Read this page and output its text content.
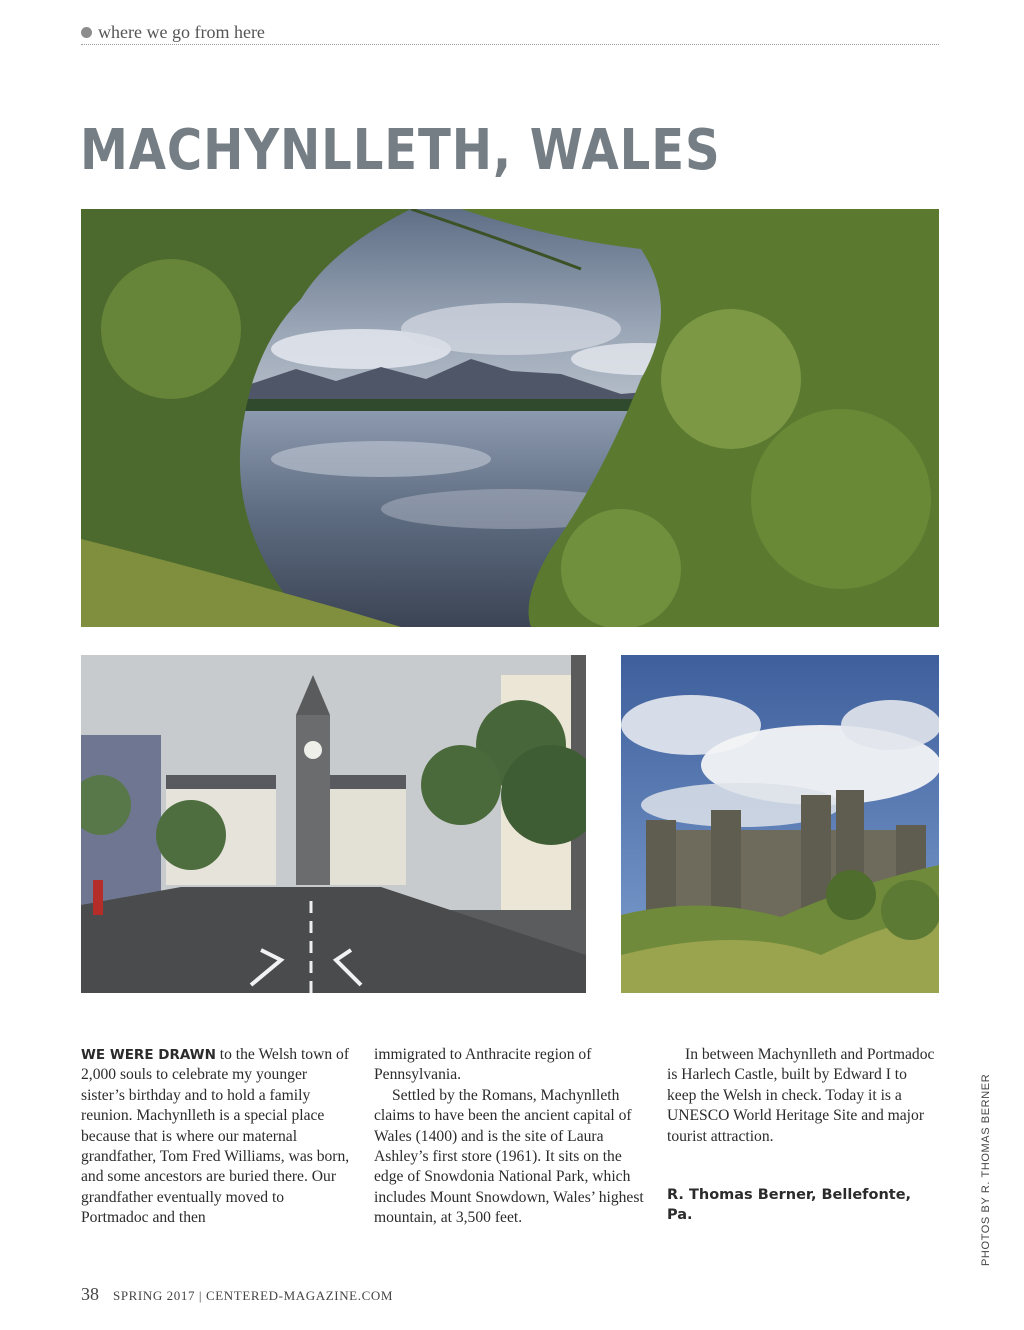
where we go from here
MACHYNLLETH, WALES

WE WERE DRAWN to the Welsh town of 2,000 souls to celebrate my younger sister’s birthday and to hold a family reunion. Machynlleth is a special place because that is where our maternal grandfather, Tom Fred Williams, was born, and some ancestors are buried there. Our grandfather eventually moved to Portmadoc and then

immigrated to Anthracite region of Pennsylvania.

Settled by the Romans, Machynlleth claims to have been the ancient capital of Wales (1400) and is the site of Laura Ashley’s first store (1961). It sits on the edge of Snowdonia National Park, which includes Mount Snowdown, Wales’ highest mountain, at 3,500 feet.

In between Machynlleth and Portmadoc is Harlech Castle, built by Edward I to keep the Welsh in check. Today it is a UNESCO World Heritage Site and major tourist attraction.

R. Thomas Berner, Bellefonte, Pa.	PHOTOS BY R. THOMAS BERNER
38 SPRING 2017 | CENTERED-MAGAZINE.COM
